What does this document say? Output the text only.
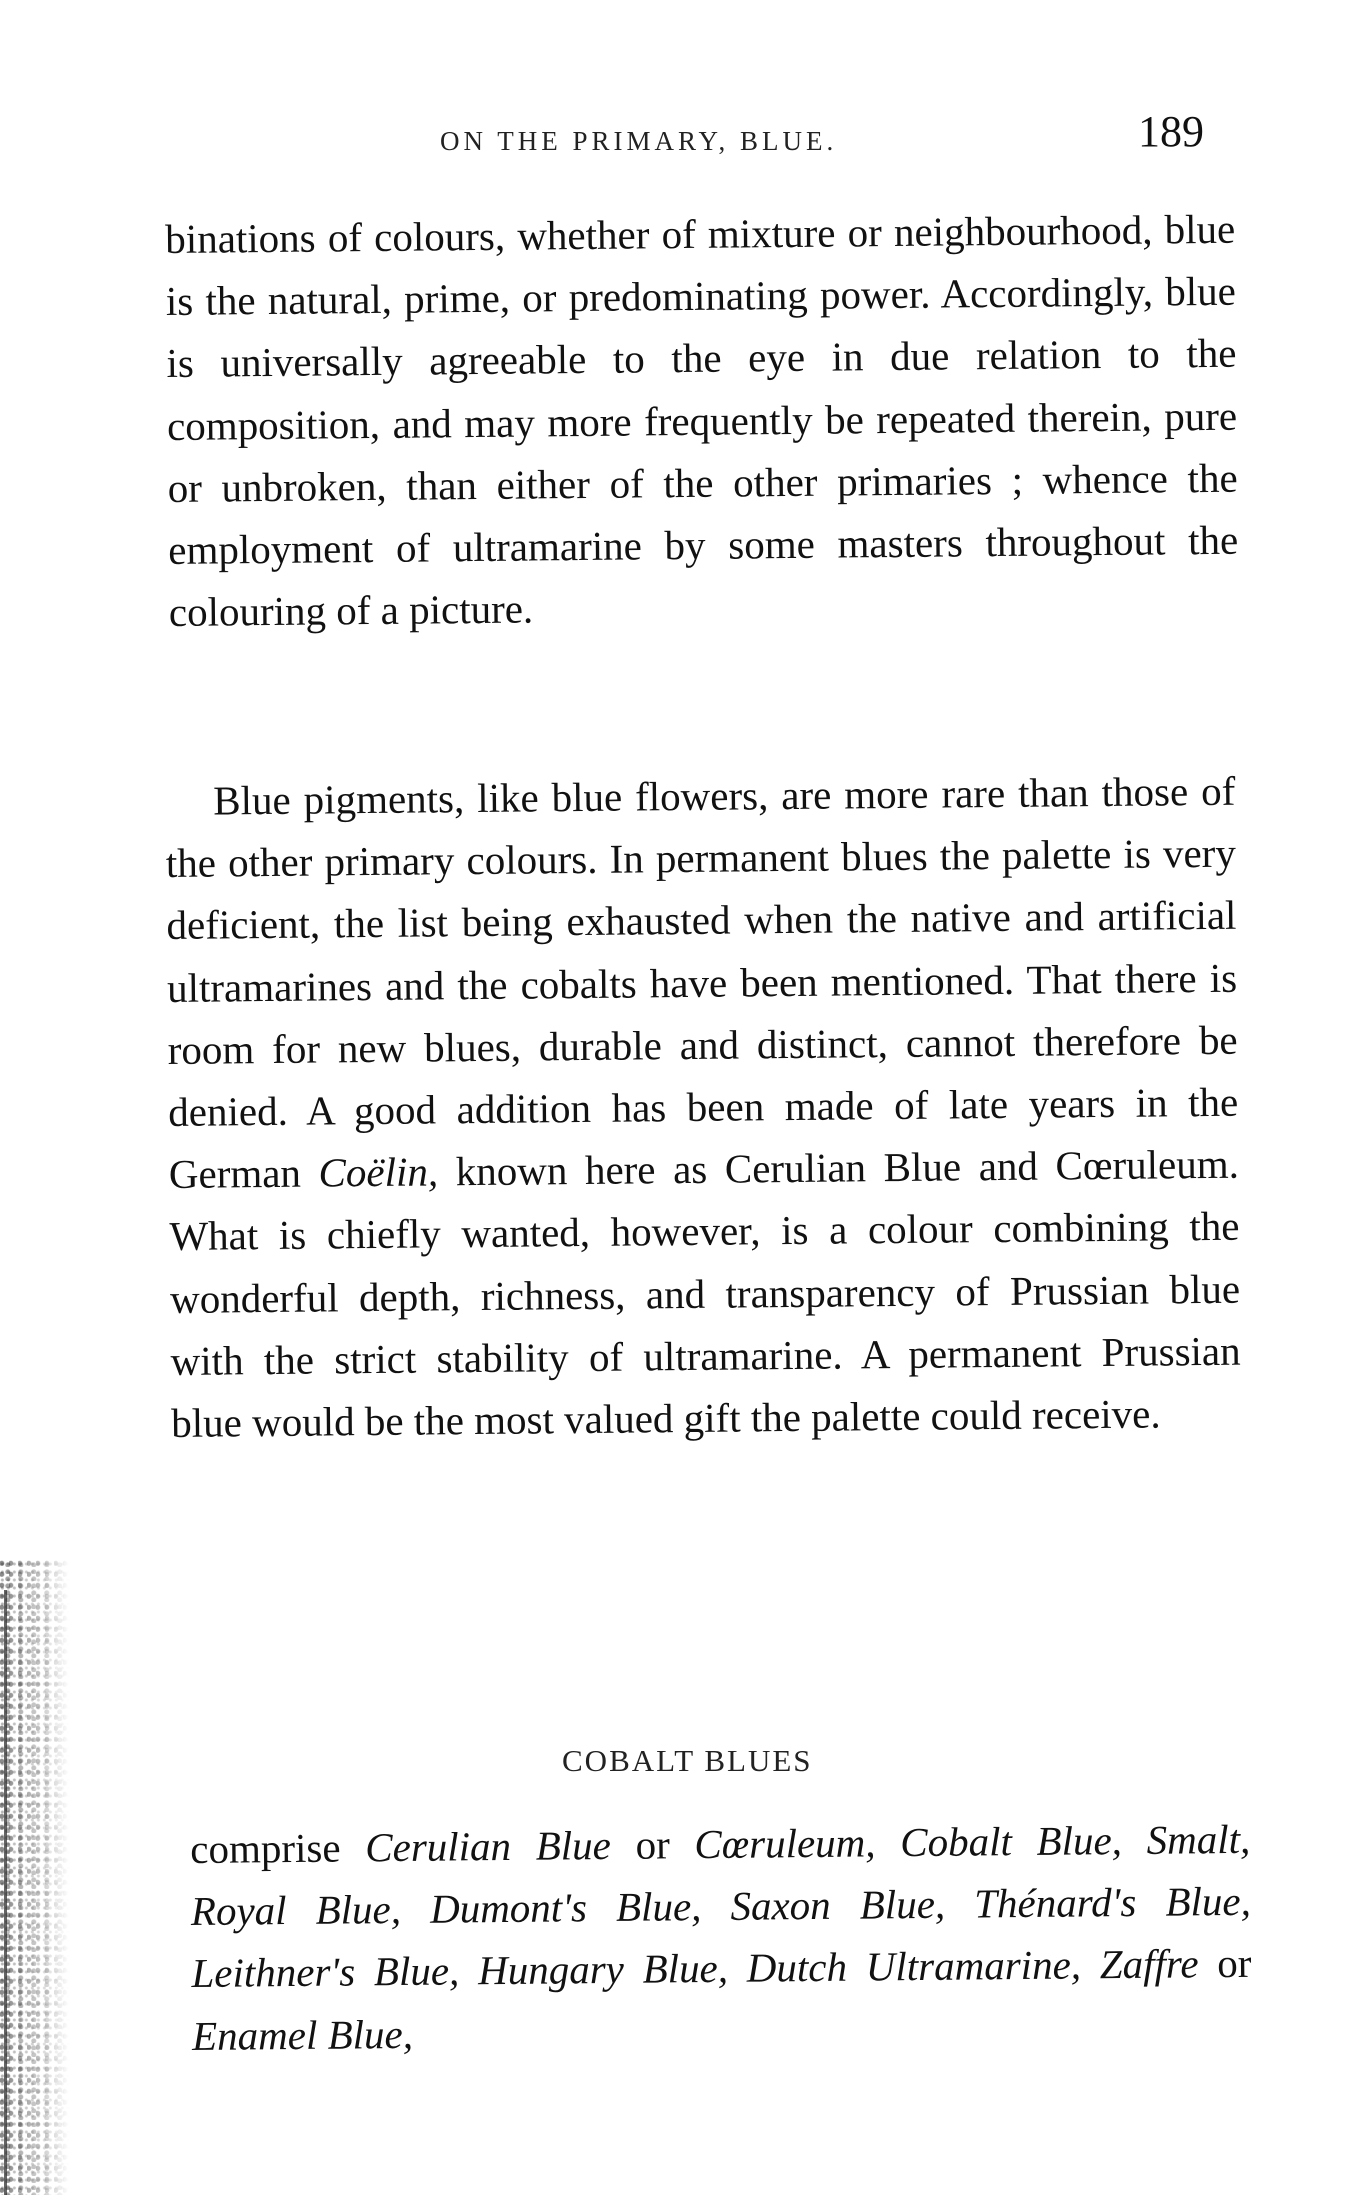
ON THE PRIMARY, BLUE.	189

binations of colours, whether of mixture or neighbourhood, blue is the natural, prime, or predominating power. Accordingly, blue is universally agreeable to the eye in due relation to the composition, and may more frequently be repeated therein, pure or unbroken, than either of the other primaries ; whence the employment of ultramarine by some masters throughout the colouring of a picture.

Blue pigments, like blue flowers, are more rare than those of the other primary colours. In permanent blues the palette is very deficient, the list being exhausted when the native and artificial ultramarines and the cobalts have been mentioned. That there is room for new blues, durable and distinct, cannot therefore be denied. A good addition has been made of late years in the German Coëlin, known here as Cerulian Blue and Cœruleum. What is chiefly wanted, however, is a colour combining the wonderful depth, richness, and transparency of Prussian blue with the strict stability of ultramarine. A permanent Prussian blue would be the most valued gift the palette could receive.

COBALT BLUES

comprise Cerulian Blue or Cœruleum, Cobalt Blue, Smalt, Royal Blue, Dumont's Blue, Saxon Blue, Thénard's Blue, Leithner's Blue, Hungary Blue, Dutch Ultramarine, Zaffre or Enamel Blue,
